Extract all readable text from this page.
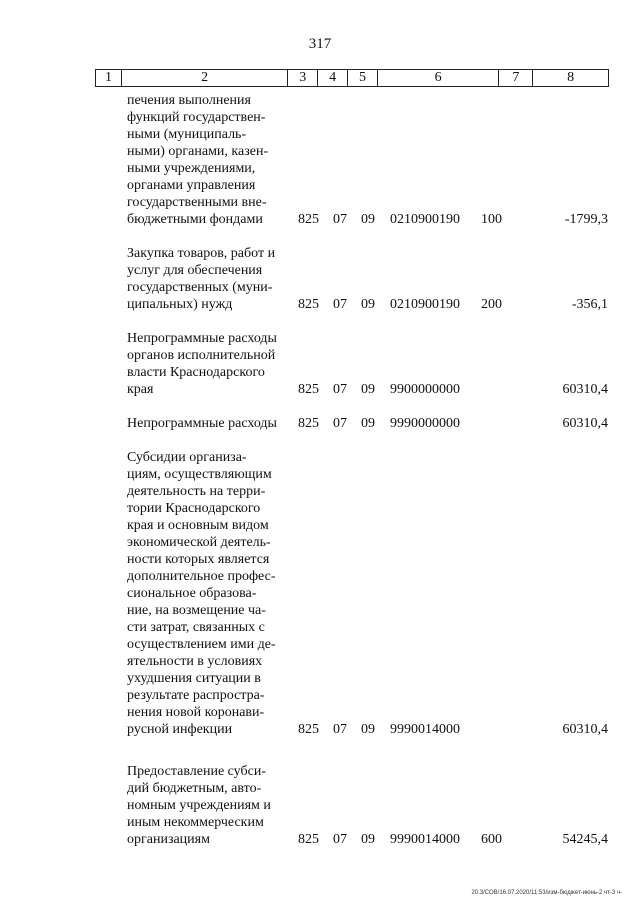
317
1	2	3	4	5	6	7	8
печения выполнения
функций государствен-
ными (муниципаль-
ными) органами, казен-
ными учреждениями,
органами управления
государственными вне-
бюджетными фондами	825 07 09 0210900190 100	-1799,3
Закупка товаров, работ и
услуг для обеспечения
государственных (муни-
ципальных) нужд	825 07 09 0210900190 200	-356,1
Непрограммные расходы
органов исполнительной
власти Краснодарского
края	825 07 09 9900000000	60310,4
Непрограммные расходы	825 07 09 9990000000	60310,4
Субсидии организа-
циям, осуществляющим
деятельность на терри-
тории Краснодарского
края и основным видом
экономической деятель-
ности которых является
дополнительное профес-
сиональное образова-
ние, на возмещение ча-
сти затрат, связанных с
осуществлением ими де-
ятельности в условиях
ухудшения ситуации в
результате распростра-
нения новой коронави-
русной инфекции	825 07 09 9990014000	60310,4
Предоставление субси-
дий бюджетным, авто-
номным учреждениям и
иным некоммерческим
организациям	825 07 09 9990014000 600	54245,4
20.3/СОВ/16.07.2020/11:53/изм-бюджет-июнь-2 чт-3 ч-
